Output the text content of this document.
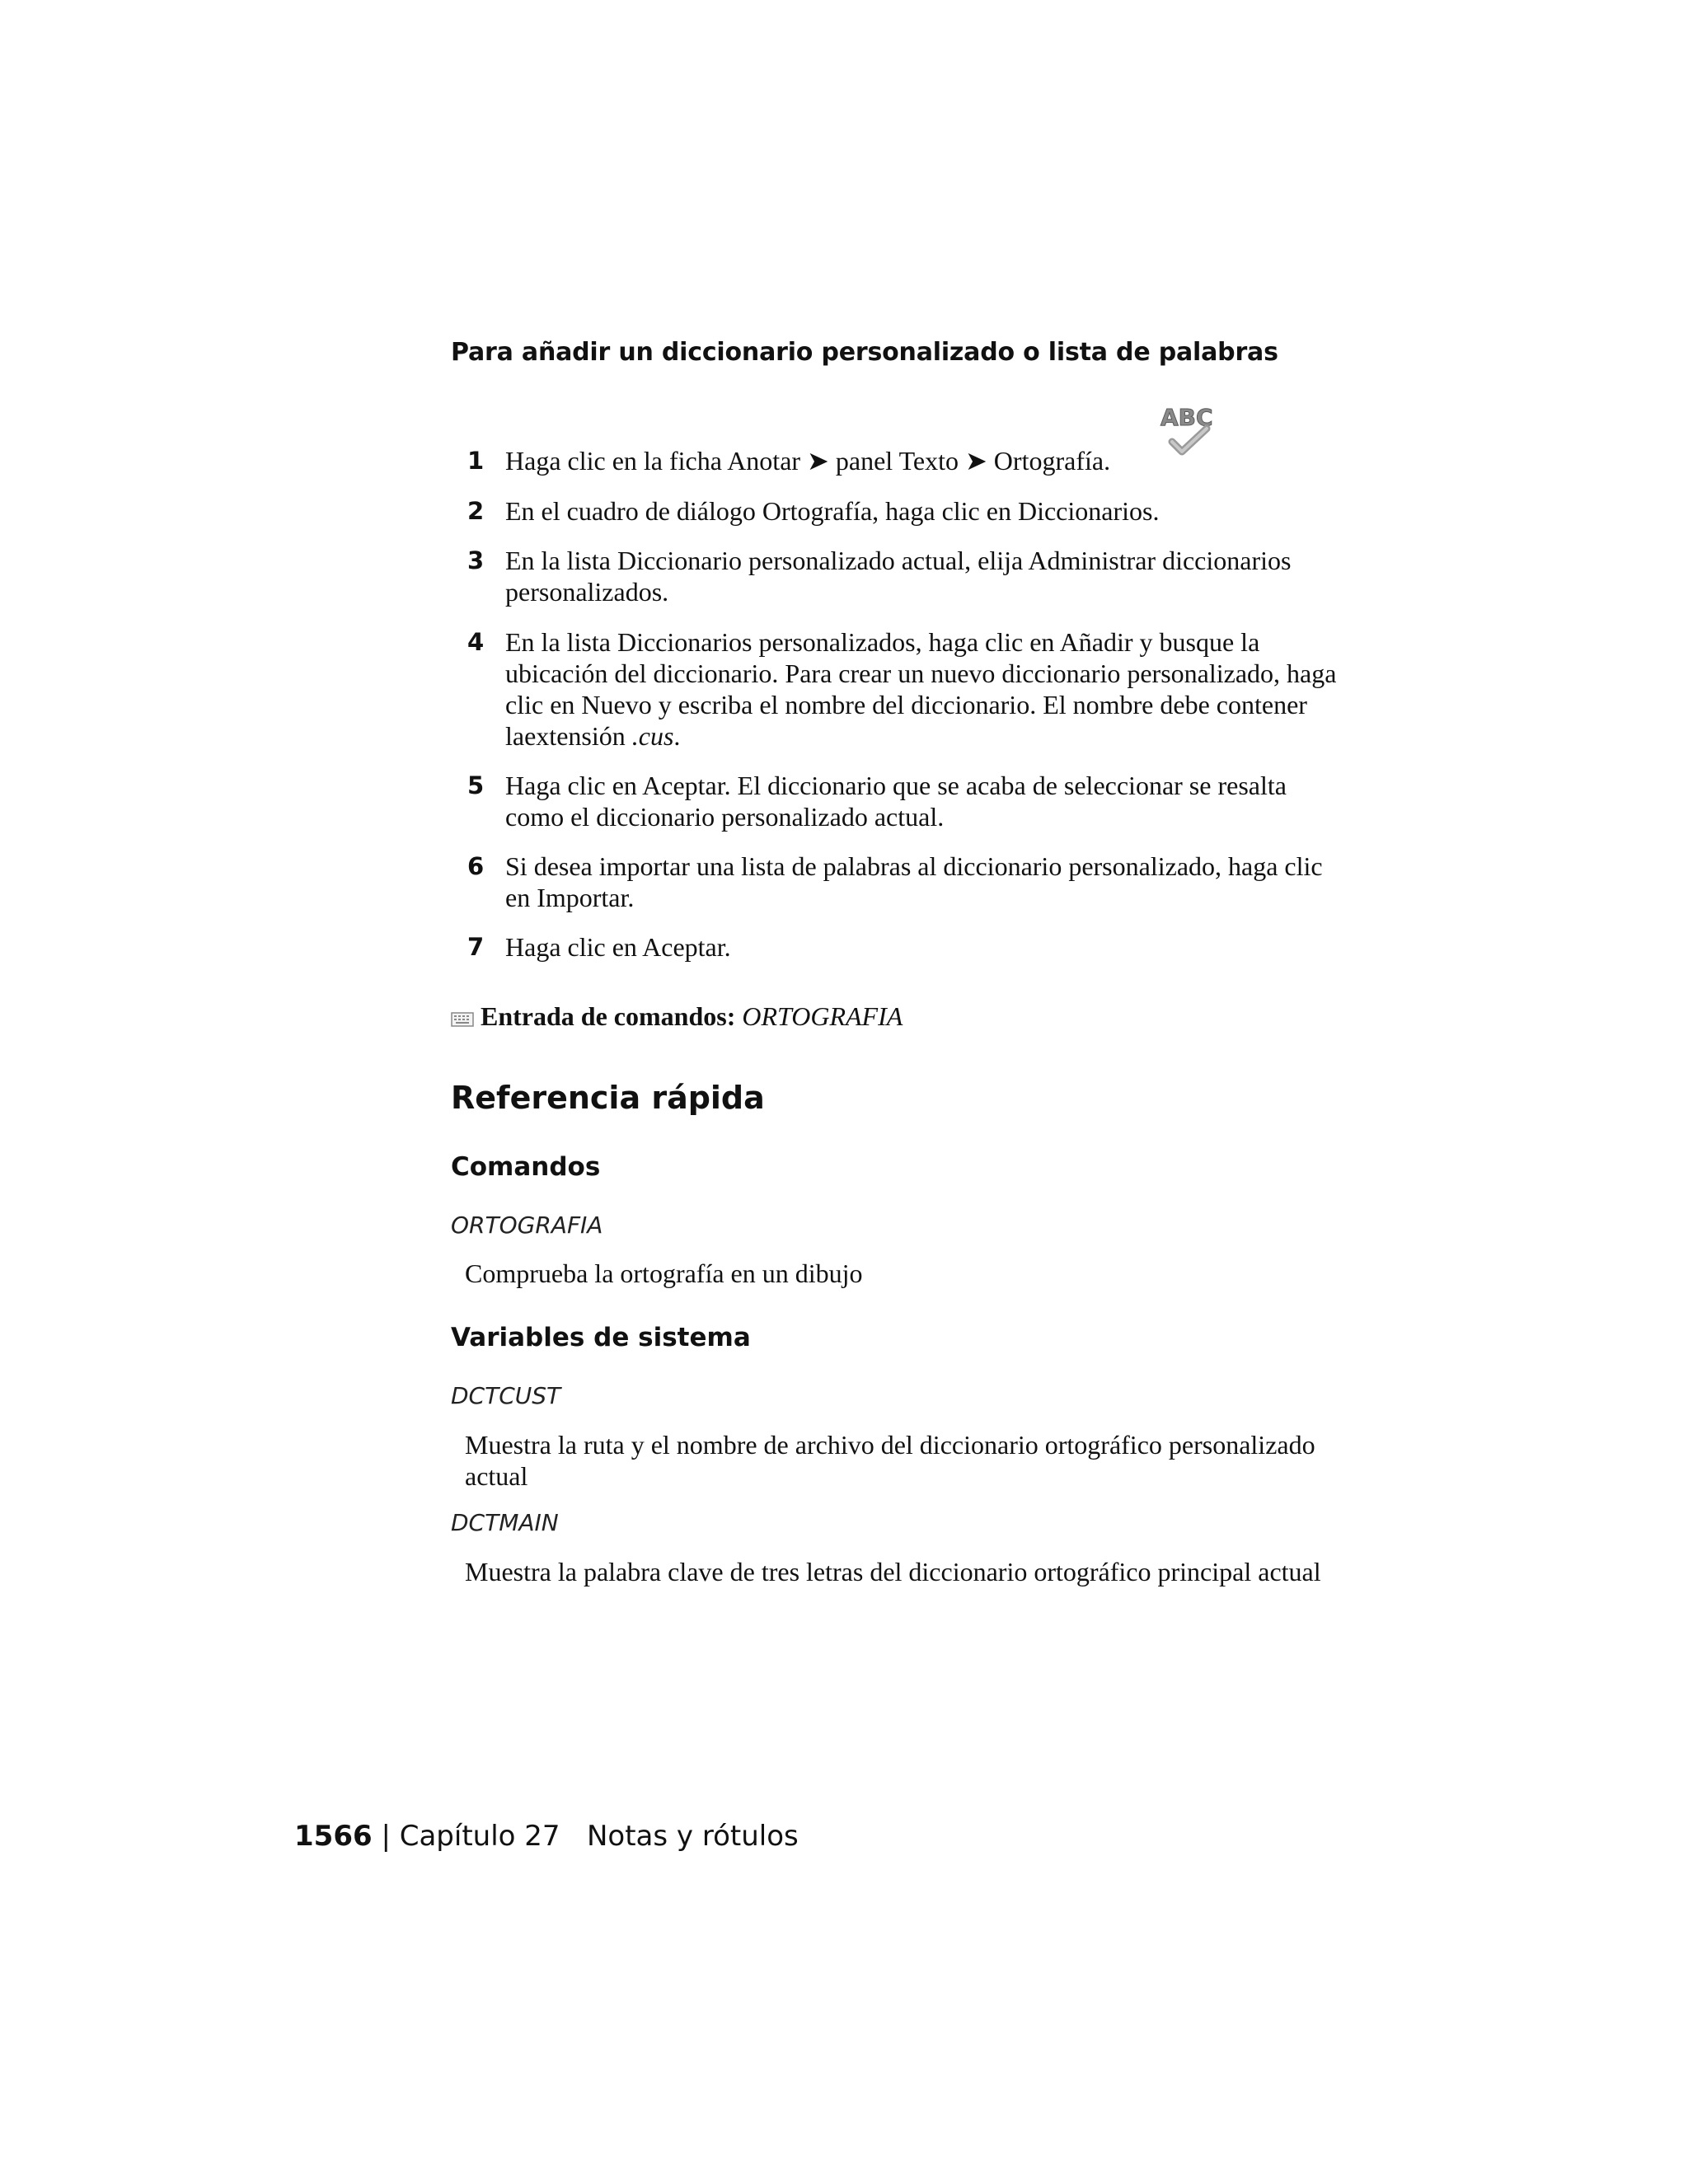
Para añadir un diccionario personalizado o lista de palabras
ABC
1 Haga clic en la ficha Anotar ➤ panel Texto ➤ Ortografía.
2 En el cuadro de diálogo Ortografía, haga clic en Diccionarios.
3 En la lista Diccionario personalizado actual, elija Administrar diccionarios personalizados.
4 En la lista Diccionarios personalizados, haga clic en Añadir y busque la ubicación del diccionario. Para crear un nuevo diccionario personalizado, haga clic en Nuevo y escriba el nombre del diccionario. El nombre debe contener laextensión .cus.
5 Haga clic en Aceptar. El diccionario que se acaba de seleccionar se resalta como el diccionario personalizado actual.
6 Si desea importar una lista de palabras al diccionario personalizado, haga clic en Importar.
7 Haga clic en Aceptar.
Entrada de comandos: ORTOGRAFIA
Referencia rápida
Comandos
ORTOGRAFIA
Comprueba la ortografía en un dibujo
Variables de sistema
DCTCUST
Muestra la ruta y el nombre de archivo del diccionario ortográfico personalizado actual
DCTMAIN
Muestra la palabra clave de tres letras del diccionario ortográfico principal actual
1566 | Capítulo 27 Notas y rótulos
